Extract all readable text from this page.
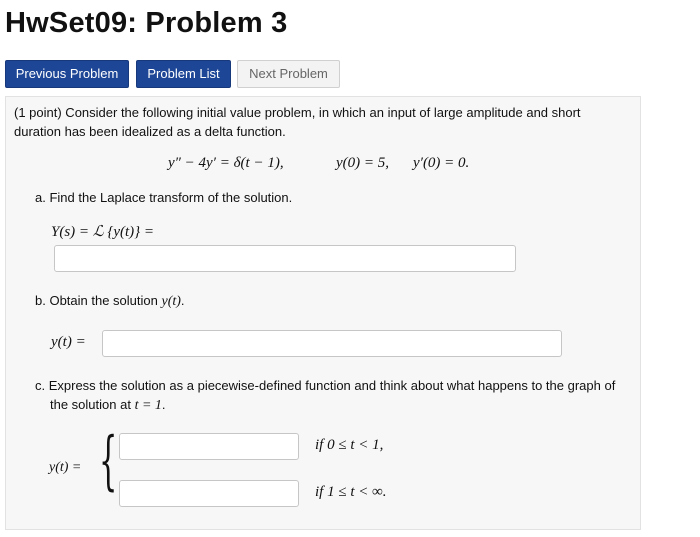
HwSet09: Problem 3
Previous Problem	Problem List	Next Problem
(1 point) Consider the following initial value problem, in which an input of large amplitude and short
duration has been idealized as a delta function.
y″ − 4y′ = δ(t − 1),	y(0) = 5, y′(0) = 0.
a. Find the Laplace transform of the solution.
Y(s) = ℒ {y(t)} =
b. Obtain the solution y(t).
y(t) =
c. Express the solution as a piecewise-defined function and think about what happens to the graph of
the solution at t = 1.
y(t) = {	if 0 ≤ t < 1,
if 1 ≤ t < ∞.
